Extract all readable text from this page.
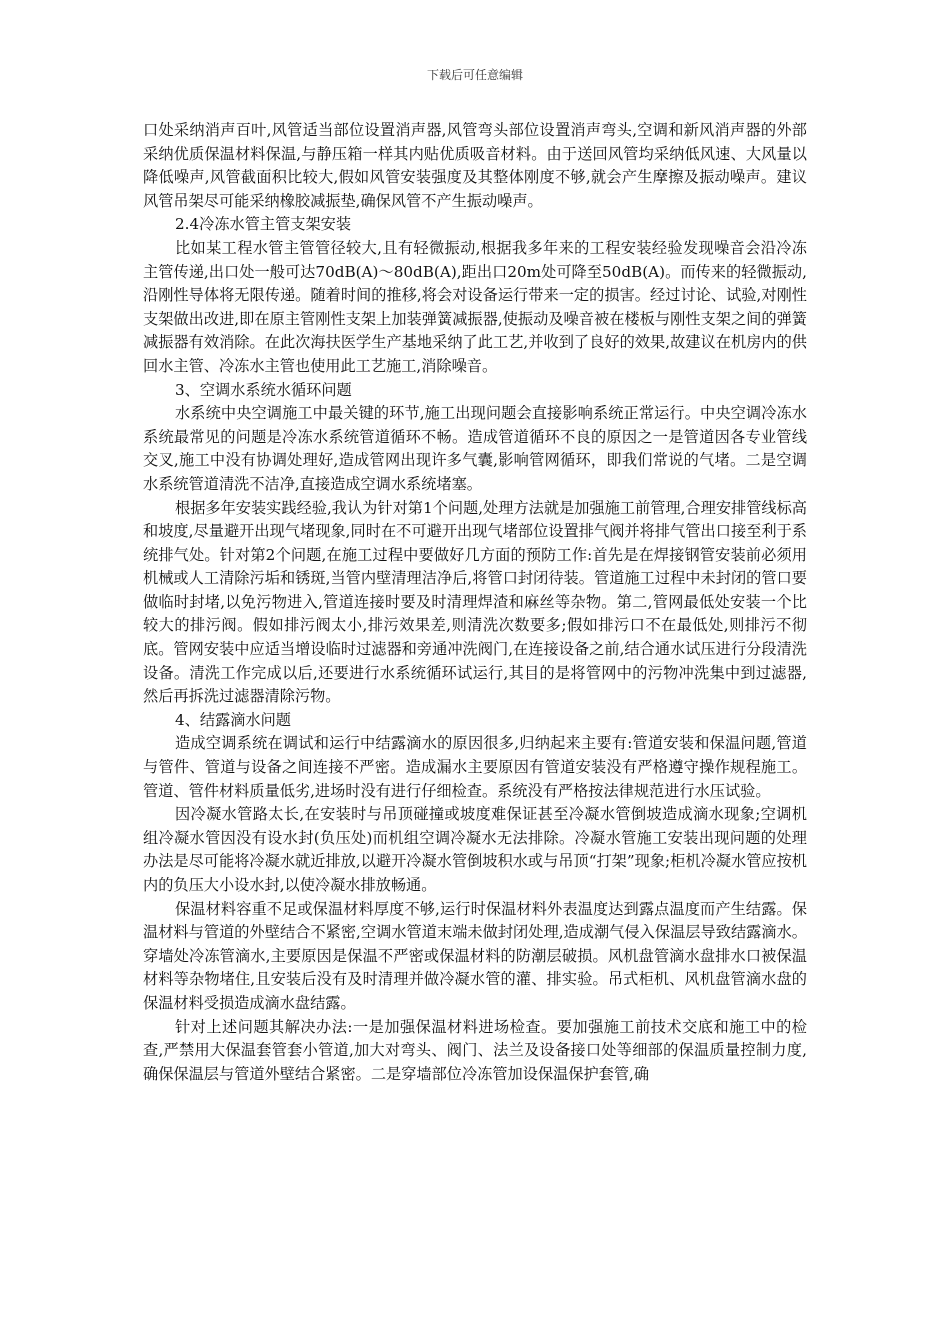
下载后可任意编辑

口处采纳消声百叶,风管适当部位设置消声器,风管弯头部位设置消声弯头,空调和新风消声器的外部采纳优质保温材料保温,与静压箱一样其内贴优质吸音材料。由于送回风管均采纳低风速、大风量以降低噪声,风管截面积比较大,假如风管安装强度及其整体刚度不够,就会产生摩擦及振动噪声。建议风管吊架尽可能采纳橡胶减振垫,确保风管不产生振动噪声。

2.4冷冻水管主管支架安装

比如某工程水管主管管径较大,且有轻微振动,根据我多年来的工程安装经验发现噪音会沿冷冻主管传递,出口处一般可达70dB(A)～80dB(A),距出口20m处可降至50dB(A)。而传来的轻微振动,沿刚性导体将无限传递。随着时间的推移,将会对设备运行带来一定的损害。经过讨论、试验,对刚性支架做出改进,即在原主管刚性支架上加装弹簧减振器,使振动及噪音被在楼板与刚性支架之间的弹簧减振器有效消除。在此次海扶医学生产基地采纳了此工艺,并收到了良好的效果,故建议在机房内的供回水主管、冷冻水主管也使用此工艺施工,消除噪音。

3、空调水系统水循环问题

水系统中央空调施工中最关键的环节,施工出现问题会直接影响系统正常运行。中央空调冷冻水系统最常见的问题是冷冻水系统管道循环不畅。造成管道循环不良的原因之一是管道因各专业管线交叉,施工中没有协调处理好,造成管网出现许多气囊,影响管网循环，即我们常说的气堵。二是空调水系统管道清洗不洁净,直接造成空调水系统堵塞。

根据多年安装实践经验,我认为针对第1个问题,处理方法就是加强施工前管理,合理安排管线标高和坡度,尽量避开出现气堵现象,同时在不可避开出现气堵部位设置排气阀并将排气管出口接至利于系统排气处。针对第2个问题,在施工过程中要做好几方面的预防工作:首先是在焊接钢管安装前必须用机械或人工清除污垢和锈斑,当管内壁清理洁净后,将管口封闭待装。管道施工过程中未封闭的管口要做临时封堵,以免污物进入,管道连接时要及时清理焊渣和麻丝等杂物。第二,管网最低处安装一个比较大的排污阀。假如排污阀太小,排污效果差,则清洗次数要多;假如排污口不在最低处,则排污不彻底。管网安装中应适当增设临时过滤器和旁通冲洗阀门,在连接设备之前,结合通水试压进行分段清洗设备。清洗工作完成以后,还要进行水系统循环试运行,其目的是将管网中的污物冲洗集中到过滤器,然后再拆洗过滤器清除污物。

4、结露滴水问题

造成空调系统在调试和运行中结露滴水的原因很多,归纳起来主要有:管道安装和保温问题,管道与管件、管道与设备之间连接不严密。造成漏水主要原因有管道安装没有严格遵守操作规程施工。管道、管件材料质量低劣,进场时没有进行仔细检查。系统没有严格按法律规范进行水压试验。

因冷凝水管路太长,在安装时与吊顶碰撞或坡度难保证甚至冷凝水管倒坡造成滴水现象;空调机组冷凝水管因没有设水封(负压处)而机组空调冷凝水无法排除。冷凝水管施工安装出现问题的处理办法是尽可能将冷凝水就近排放,以避开冷凝水管倒坡积水或与吊顶“打架”现象;柜机冷凝水管应按机内的负压大小设水封,以使冷凝水排放畅通。

保温材料容重不足或保温材料厚度不够,运行时保温材料外表温度达到露点温度而产生结露。保温材料与管道的外壁结合不紧密,空调水管道末端未做封闭处理,造成潮气侵入保温层导致结露滴水。穿墙处冷冻管滴水,主要原因是保温不严密或保温材料的防潮层破损。风机盘管滴水盘排水口被保温材料等杂物堵住,且安装后没有及时清理并做冷凝水管的灌、排实验。吊式柜机、风机盘管滴水盘的保温材料受损造成滴水盘结露。

针对上述问题其解决办法:一是加强保温材料进场检查。要加强施工前技术交底和施工中的检查,严禁用大保温套管套小管道,加大对弯头、阀门、法兰及设备接口处等细部的保温质量控制力度,确保保温层与管道外壁结合紧密。二是穿墙部位冷冻管加设保温保护套管,确
